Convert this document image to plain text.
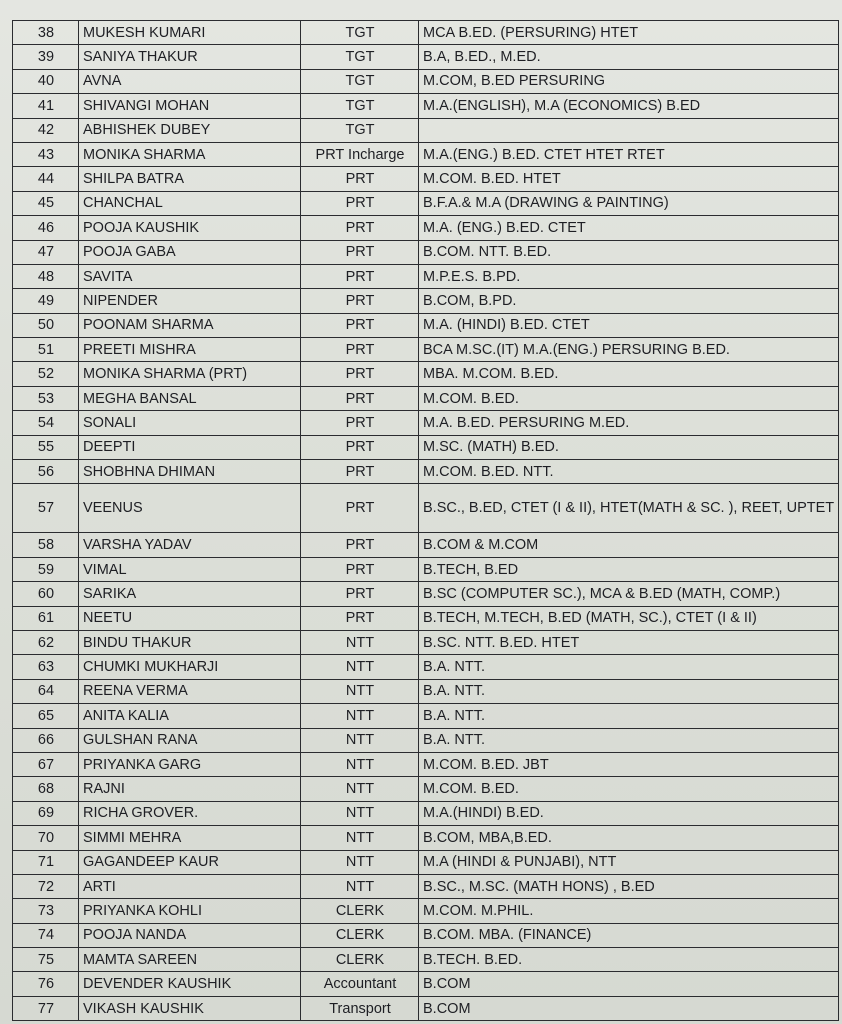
38	MUKESH KUMARI	TGT	MCA B.ED. (PERSURING) HTET
39	SANIYA THAKUR	TGT	B.A, B.ED., M.ED.
40	AVNA	TGT	M.COM, B.ED PERSURING
41	SHIVANGI MOHAN	TGT	M.A.(ENGLISH), M.A (ECONOMICS) B.ED
42	ABHISHEK DUBEY	TGT	
43	MONIKA SHARMA	PRT Incharge	M.A.(ENG.) B.ED. CTET HTET RTET
44	SHILPA BATRA	PRT	M.COM. B.ED. HTET
45	CHANCHAL	PRT	B.F.A.& M.A (DRAWING & PAINTING)
46	POOJA KAUSHIK	PRT	M.A. (ENG.) B.ED. CTET
47	POOJA GABA	PRT	B.COM. NTT. B.ED.
48	SAVITA	PRT	M.P.E.S. B.PD.
49	NIPENDER	PRT	B.COM, B.PD.
50	POONAM SHARMA	PRT	M.A. (HINDI) B.ED. CTET
51	PREETI MISHRA	PRT	BCA M.SC.(IT) M.A.(ENG.) PERSURING B.ED.
52	MONIKA SHARMA (PRT)	PRT	MBA. M.COM. B.ED.
53	MEGHA BANSAL	PRT	M.COM. B.ED.
54	SONALI	PRT	M.A. B.ED. PERSURING M.ED.
55	DEEPTI	PRT	M.SC. (MATH) B.ED.
56	SHOBHNA DHIMAN	PRT	M.COM. B.ED. NTT.
57	VEENUS	PRT	B.SC., B.ED, CTET (I & II), HTET(MATH & SC. ), REET, UPTET
58	VARSHA YADAV	PRT	B.COM & M.COM
59	VIMAL	PRT	B.TECH, B.ED
60	SARIKA	PRT	B.SC (COMPUTER SC.), MCA & B.ED (MATH, COMP.)
61	NEETU	PRT	B.TECH, M.TECH, B.ED (MATH, SC.), CTET (I & II)
62	BINDU THAKUR	NTT	B.SC. NTT. B.ED. HTET
63	CHUMKI MUKHARJI	NTT	B.A. NTT.
64	REENA VERMA	NTT	B.A. NTT.
65	ANITA KALIA	NTT	B.A. NTT.
66	GULSHAN RANA	NTT	B.A. NTT.
67	PRIYANKA GARG	NTT	M.COM. B.ED. JBT
68	RAJNI	NTT	M.COM. B.ED.
69	RICHA GROVER.	NTT	M.A.(HINDI) B.ED.
70	SIMMI MEHRA	NTT	B.COM, MBA,B.ED.
71	GAGANDEEP KAUR	NTT	M.A (HINDI & PUNJABI), NTT
72	ARTI	NTT	B.SC., M.SC. (MATH HONS) , B.ED
73	PRIYANKA KOHLI	CLERK	M.COM. M.PHIL.
74	POOJA NANDA	CLERK	B.COM. MBA. (FINANCE)
75	MAMTA SAREEN	CLERK	B.TECH. B.ED.
76	DEVENDER KAUSHIK	Accountant	B.COM
77	VIKASH KAUSHIK	Transport	B.COM
